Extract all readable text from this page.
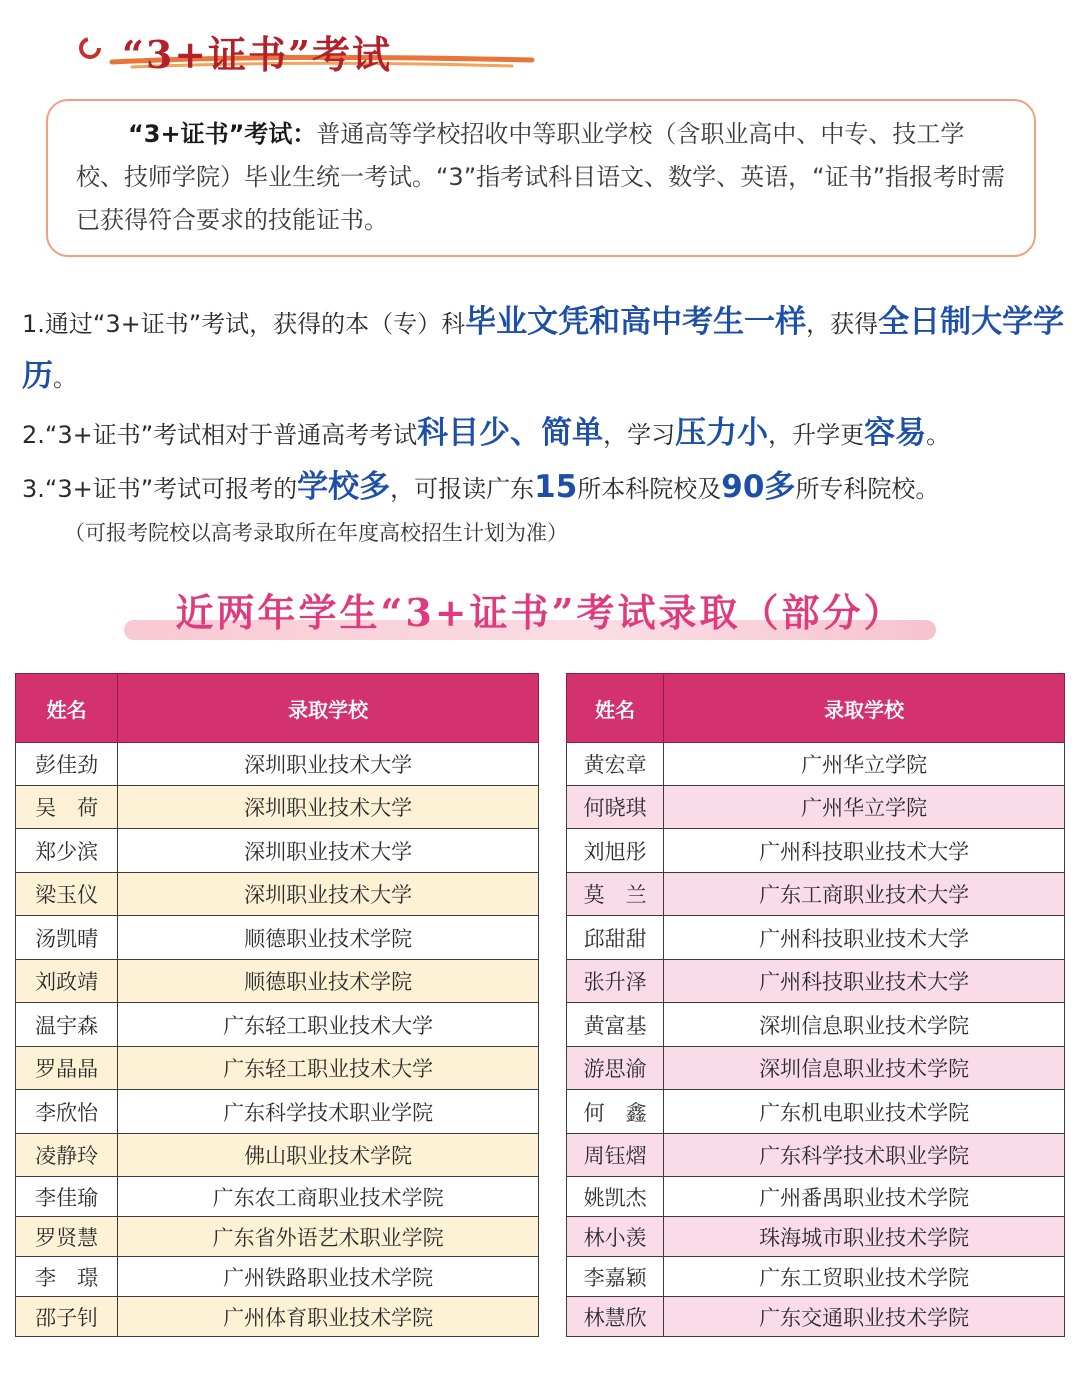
“3+证书”考试
“3+证书”考试：普通高等学校招收中等职业学校（含职业高中、中专、技工学校、技师学院）毕业生统一考试。“3”指考试科目语文、数学、英语，“证书”指报考时需已获得符合要求的技能证书。
1.通过“3+证书”考试，获得的本（专）科毕业文凭和高中考生一样，获得全日制大学学历。
2.“3+证书”考试相对于普通高考考试科目少、简单，学习压力小，升学更容易。
3.“3+证书”考试可报考的学校多，可报读广东15所本科院校及90多所专科院校。
（可报考院校以高考录取所在年度高校招生计划为准）
近两年学生“3+证书”考试录取（部分）
姓名	录取学校
彭佳劲	深圳职业技术大学
吴　荷	深圳职业技术大学
郑少滨	深圳职业技术大学
梁玉仪	深圳职业技术大学
汤凯晴	顺德职业技术学院
刘政靖	顺德职业技术学院
温宇森	广东轻工职业技术大学
罗晶晶	广东轻工职业技术大学
李欣怡	广东科学技术职业学院
凌静玲	佛山职业技术学院
李佳瑜	广东农工商职业技术学院
罗贤慧	广东省外语艺术职业学院
李　璟	广州铁路职业技术学院
邵子钊	广州体育职业技术学院
姓名	录取学校
黄宏章	广州华立学院
何晓琪	广州华立学院
刘旭彤	广州科技职业技术大学
莫　兰	广东工商职业技术大学
邱甜甜	广州科技职业技术大学
张升泽	广州科技职业技术大学
黄富基	深圳信息职业技术学院
游思渝	深圳信息职业技术学院
何　鑫	广东机电职业技术学院
周钰熠	广东科学技术职业学院
姚凯杰	广州番禺职业技术学院
林小羡	珠海城市职业技术学院
李嘉颖	广东工贸职业技术学院
林慧欣	广东交通职业技术学院
